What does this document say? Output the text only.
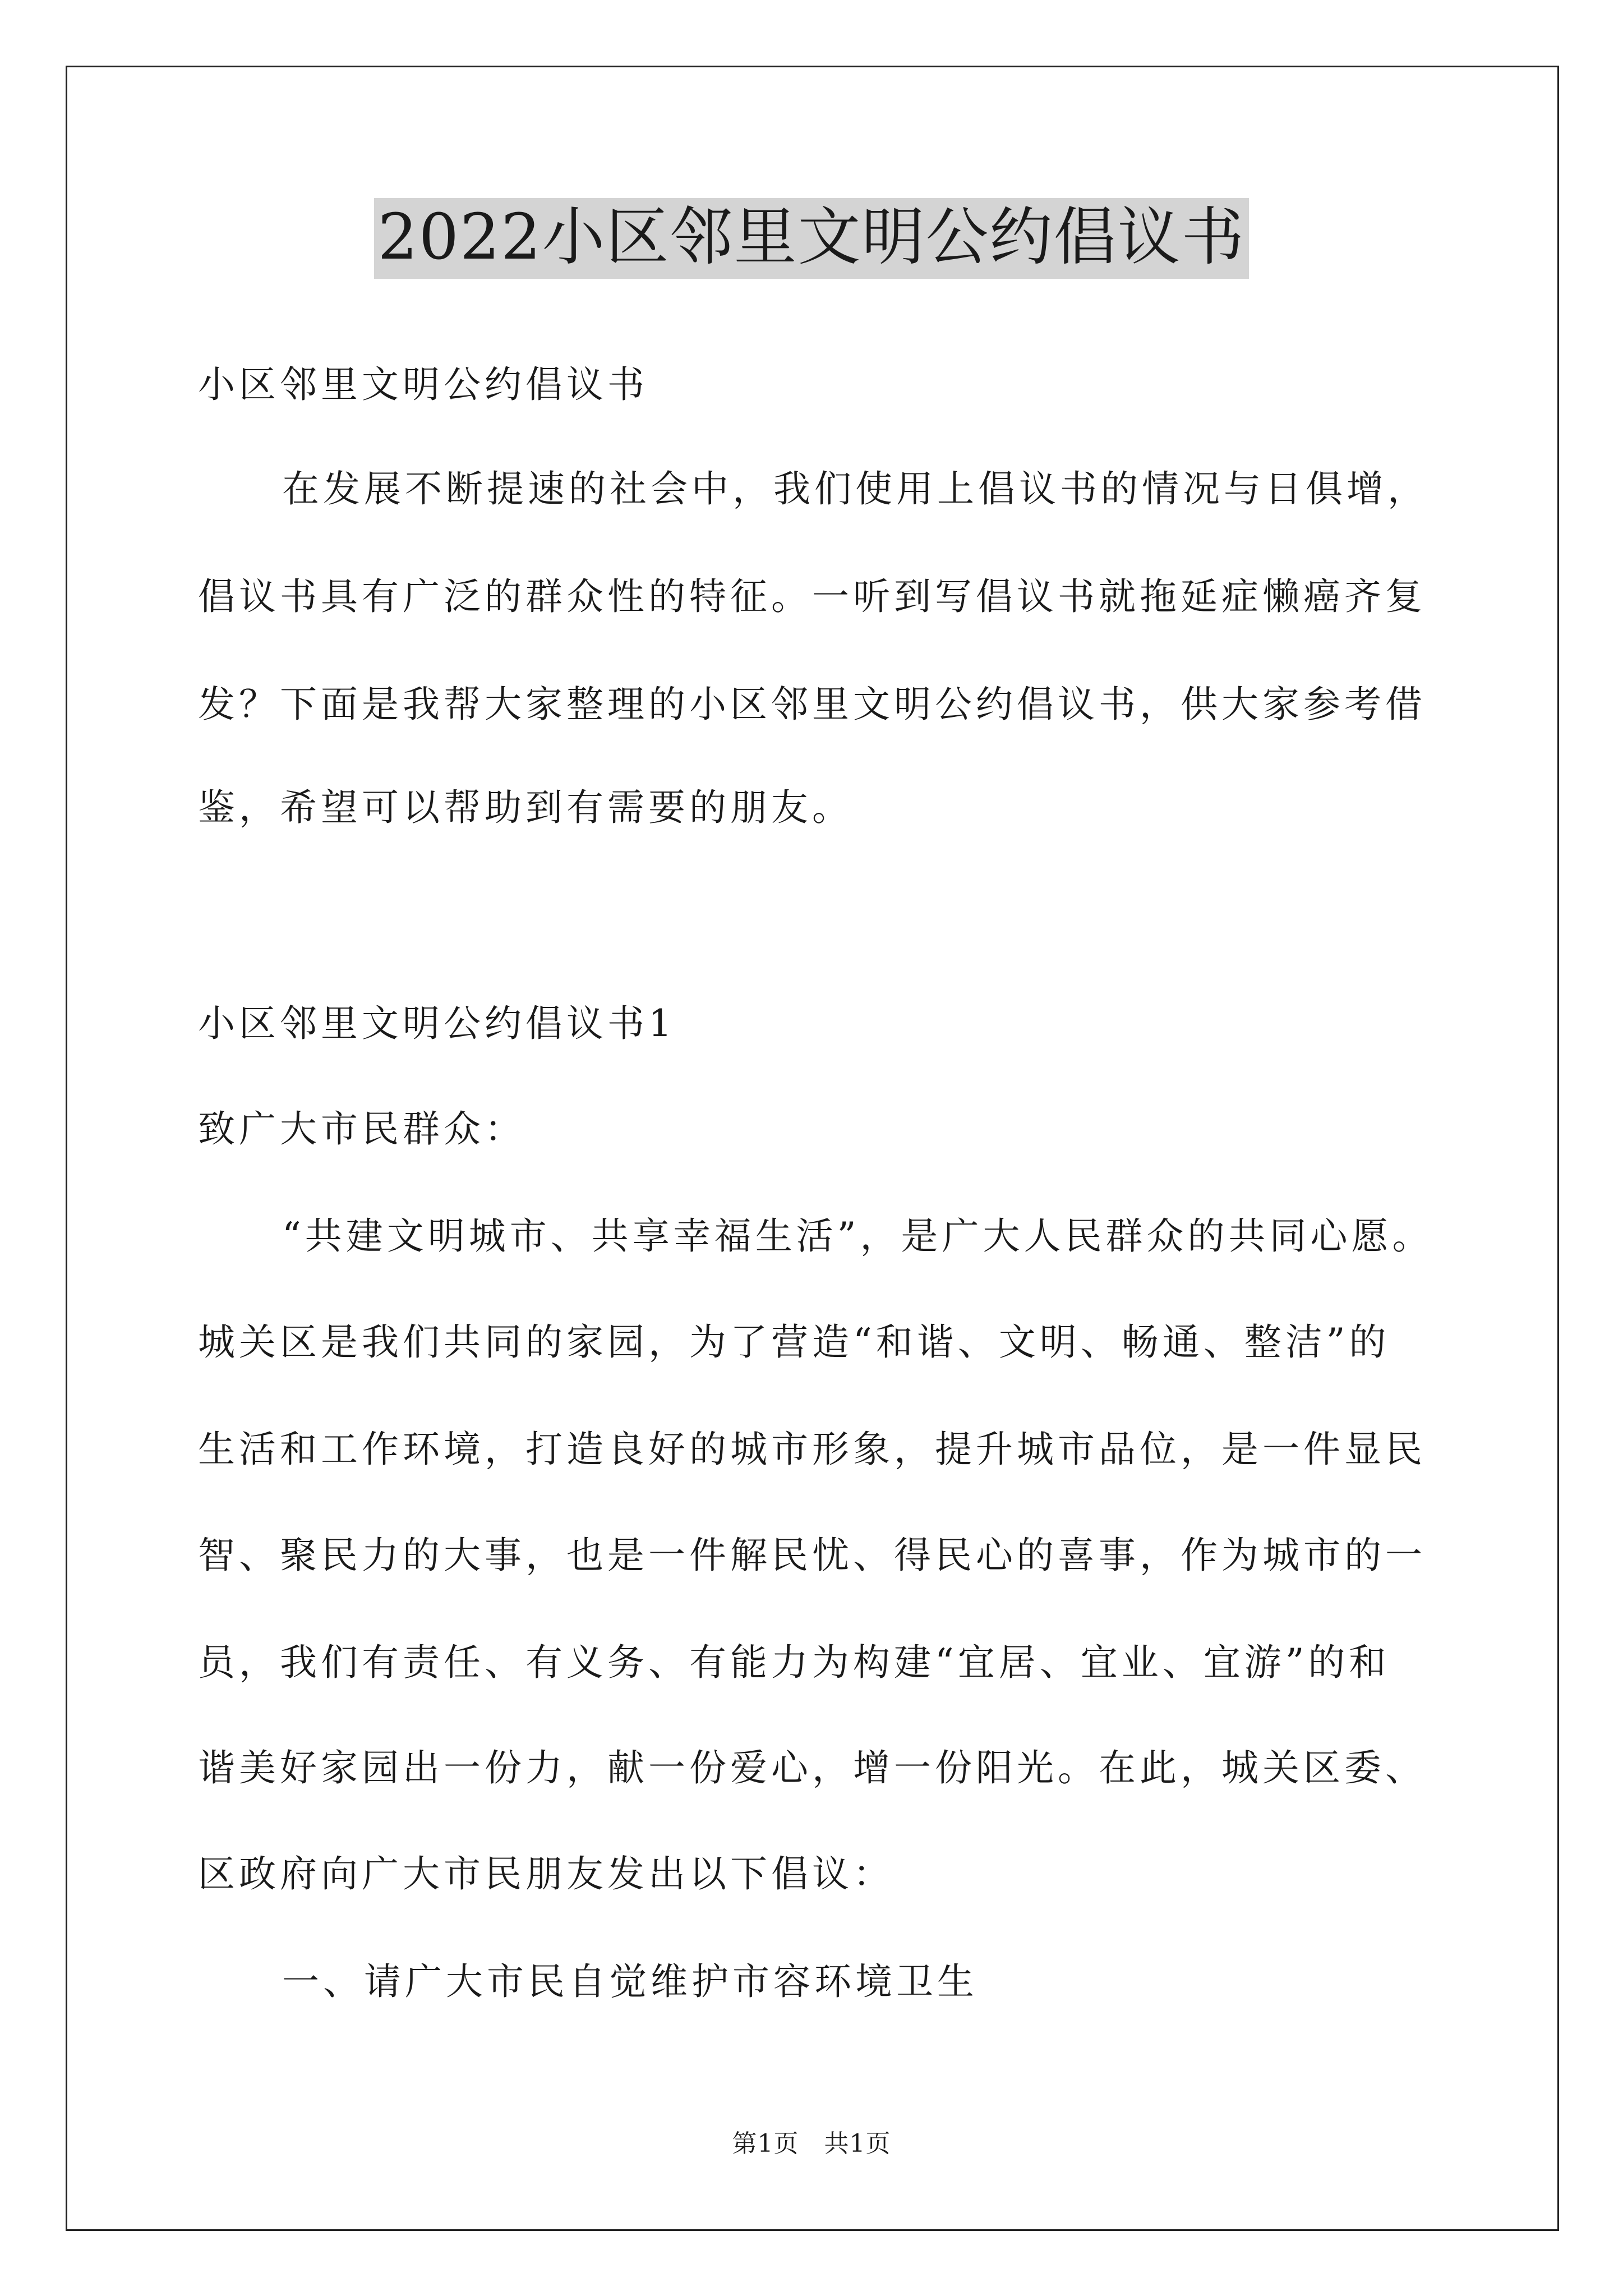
2022小区邻里文明公约倡议书

小区邻里文明公约倡议书

在发展不断提速的社会中，我们使用上倡议书的情况与日俱增，

倡议书具有广泛的群众性的特征。一听到写倡议书就拖延症懒癌齐复

发？下面是我帮大家整理的小区邻里文明公约倡议书，供大家参考借

鉴，希望可以帮助到有需要的朋友。

小区邻里文明公约倡议书1

致广大市民群众：

“共建文明城市、共享幸福生活”，是广大人民群众的共同心愿。

城关区是我们共同的家园，为了营造“和谐、文明、畅通、整洁”的

生活和工作环境，打造良好的城市形象，提升城市品位，是一件显民

智、聚民力的大事，也是一件解民忧、得民心的喜事，作为城市的一

员，我们有责任、有义务、有能力为构建“宜居、宜业、宜游”的和

谐美好家园出一份力，献一份爱心，增一份阳光。在此，城关区委、

区政府向广大市民朋友发出以下倡议：

一、请广大市民自觉维护市容环境卫生

第1页　共1页
